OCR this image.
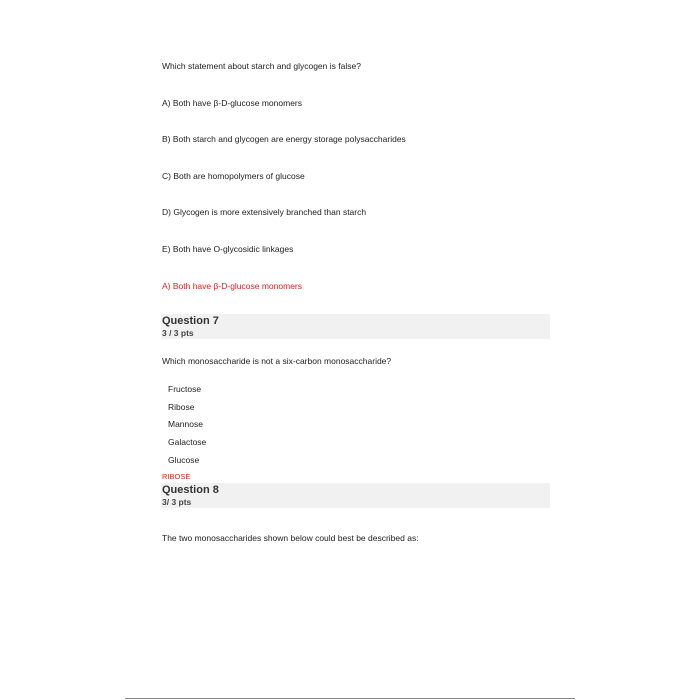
Which statement about starch and glycogen is false?
A) Both have β-D-glucose monomers
B) Both starch and glycogen are energy storage polysaccharides
C) Both are homopolymers of glucose
D) Glycogen is more extensively branched than starch
E) Both have O-glycosidic linkages
A) Both have β-D-glucose monomers
Question 7
3 / 3 pts
Which monosaccharide is not a six-carbon monosaccharide?
Fructose
Ribose
Mannose
Galactose
Glucose
RIBOSE
Question 8
3/ 3 pts
The two monosaccharides shown below could best be described as:
